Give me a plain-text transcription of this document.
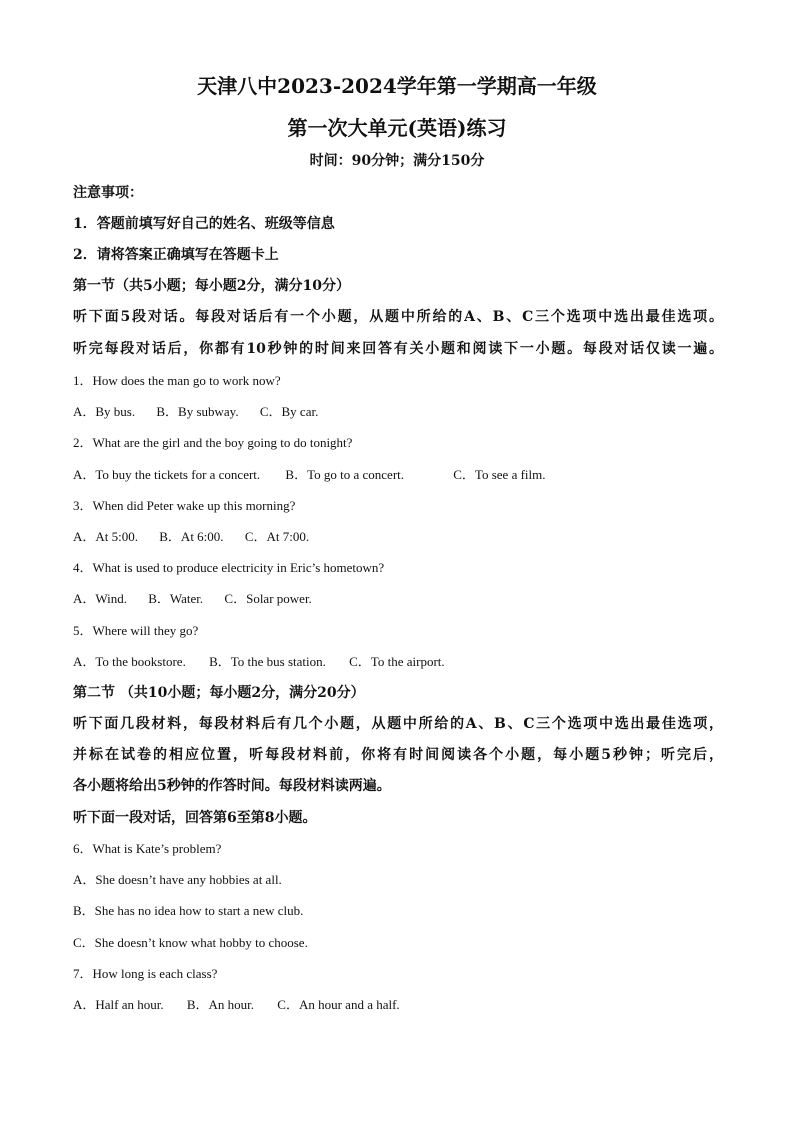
天津八中2023-2024学年第一学期高一年级
第一次大单元(英语)练习
时间：90分钟；满分150分
注意事项：
1．答题前填写好自己的姓名、班级等信息
2．请将答案正确填写在答题卡上
第一节（共5小题；每小题2分，满分10分）
听下面5段对话。每段对话后有一个小题，从题中所给的A、B、C三个选项中选出最佳选项。
听完每段对话后，你都有10秒钟的时间来回答有关小题和阅读下一小题。每段对话仅读一遍。
1．How does the man go to work now?
A．By bus. B．By subway. C．By car.
2．What are the girl and the boy going to do tonight?
A．To buy the tickets for a concert. B．To go to a concert.	C．To see a film.
3．When did Peter wake up this morning?
A．At 5:00. B．At 6:00. C．At 7:00.
4．What is used to produce electricity in Eric’s hometown?
A．Wind. B．Water. C．Solar power.
5．Where will they go?
A．To the bookstore. B．To the bus station. C．To the airport.
第二节 （共10小题；每小题2分，满分20分）
听下面几段材料，每段材料后有几个小题，从题中所给的A、B、C三个选项中选出最佳选项，
并标在试卷的相应位置，听每段材料前，你将有时间阅读各个小题，每小题5秒钟；听完后，
各小题将给出5秒钟的作答时间。每段材料读两遍。
听下面一段对话，回答第6至第8小题。
6．What is Kate’s problem?
A．She doesn’t have any hobbies at all.
B．She has no idea how to start a new club.
C．She doesn’t know what hobby to choose.
7．How long is each class?
A．Half an hour. B．An hour. C．An hour and a half.
